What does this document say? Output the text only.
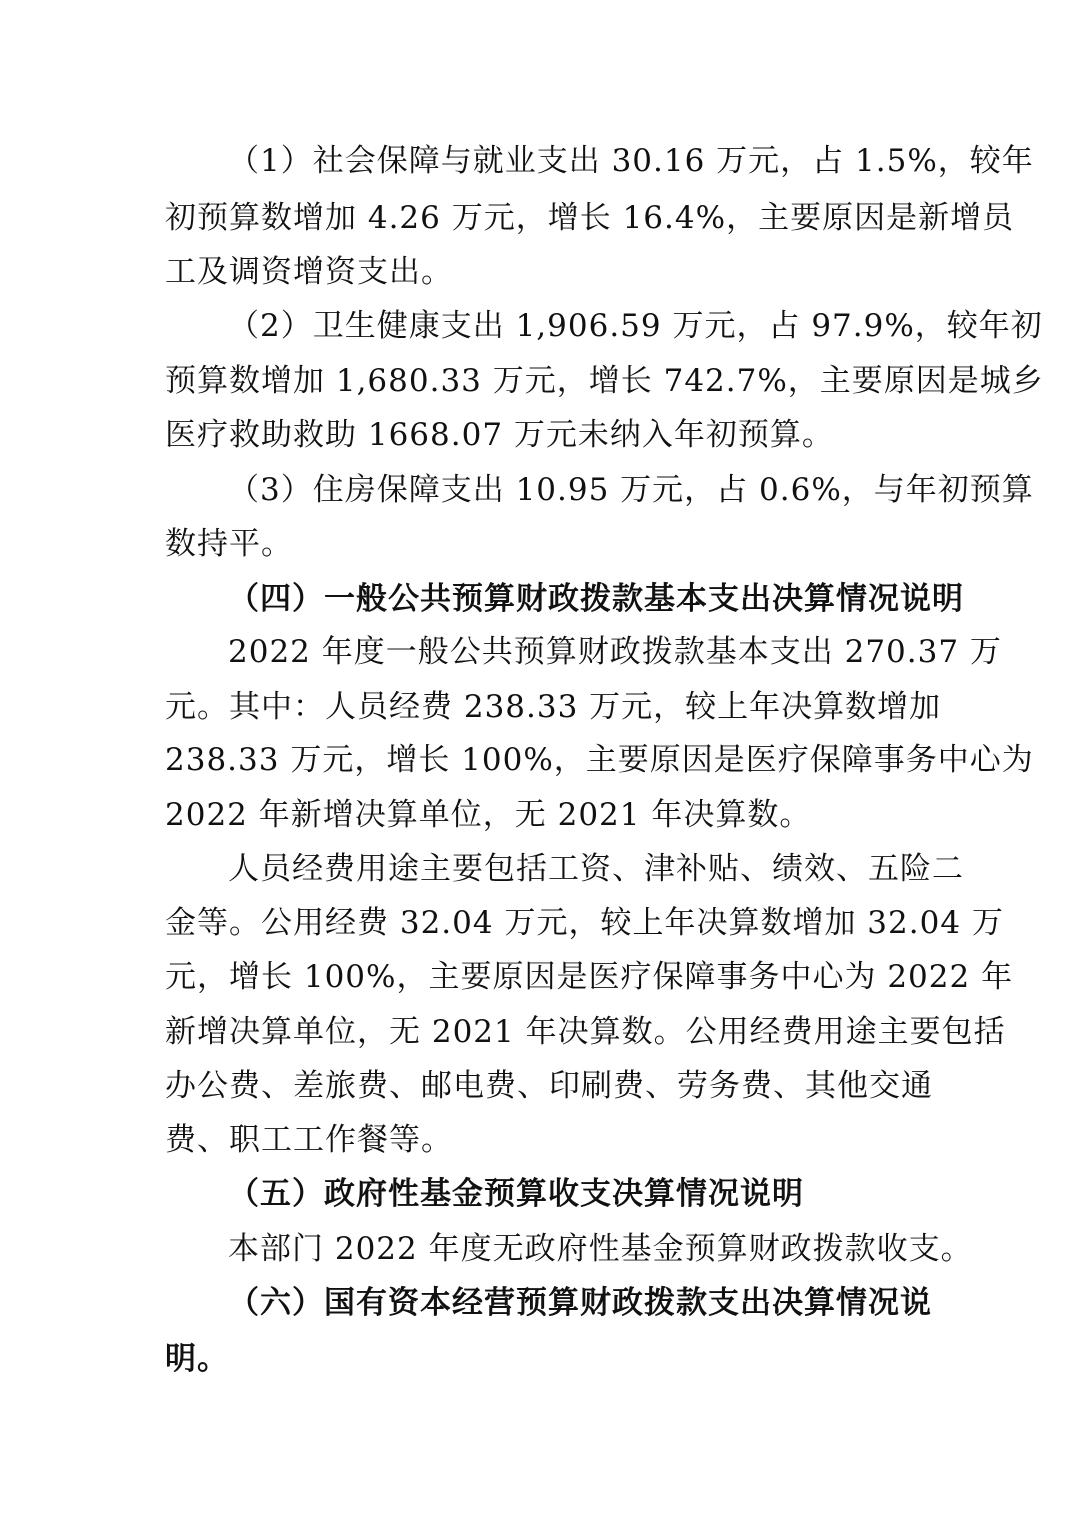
（1）社会保障与就业支出 30.16 万元，占 1.5%，较年
初预算数增加 4.26 万元，增长 16.4%，主要原因是新增员
工及调资增资支出。
（2）卫生健康支出 1,906.59 万元，占 97.9%，较年初
预算数增加 1,680.33 万元，增长 742.7%，主要原因是城乡
医疗救助救助 1668.07 万元未纳入年初预算。
（3）住房保障支出 10.95 万元，占 0.6%，与年初预算
数持平。
（四）一般公共预算财政拨款基本支出决算情况说明
2022 年度一般公共预算财政拨款基本支出 270.37 万
元。其中：人员经费 238.33 万元，较上年决算数增加
238.33 万元，增长 100%，主要原因是医疗保障事务中心为
2022 年新增决算单位，无 2021 年决算数。
人员经费用途主要包括工资、津补贴、绩效、五险二
金等。公用经费 32.04 万元，较上年决算数增加 32.04 万
元，增长 100%，主要原因是医疗保障事务中心为 2022 年
新增决算单位，无 2021 年决算数。公用经费用途主要包括
办公费、差旅费、邮电费、印刷费、劳务费、其他交通
费、职工工作餐等。
（五）政府性基金预算收支决算情况说明
本部门 2022 年度无政府性基金预算财政拨款收支。
（六）国有资本经营预算财政拨款支出决算情况说
明。
